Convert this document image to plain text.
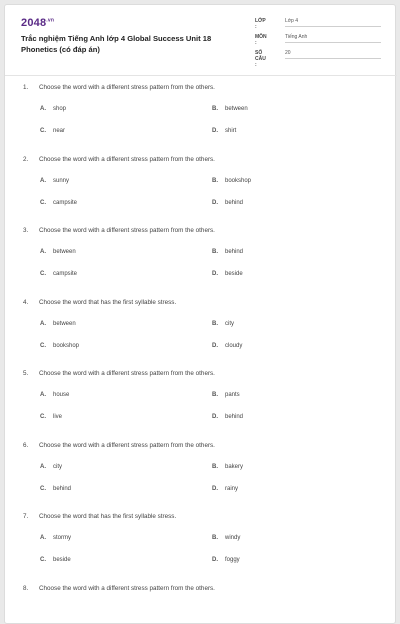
$2048^{.vn}$
Trắc nghiệm Tiếng Anh lớp 4 Global Success Unit 18 Phonetics (có đáp án)
LỚP :
Lớp 4
MÔN :
Tiếng Anh
SỐ CÂU :
20
1. Choose the word with a different stress pattern from the others.
A. shop	B. between
C. near	D. shirt
2. Choose the word with a different stress pattern from the others.
A. sunny	B. bookshop
C. campsite	D. behind
3. Choose the word with a different stress pattern from the others.
A. between	B. behind
C. campsite	D. beside
4. Choose the word that has the first syllable stress.
A. between	B. city
C. bookshop	D. cloudy
5. Choose the word with a different stress pattern from the others.
A. house	B. pants
C. live	D. behind
6. Choose the word with a different stress pattern from the others.
A. city	B. bakery
C. behind	D. rainy
7. Choose the word that has the first syllable stress.
A. stormy	B. windy
C. beside	D. foggy
8. Choose the word with a different stress pattern from the others.
